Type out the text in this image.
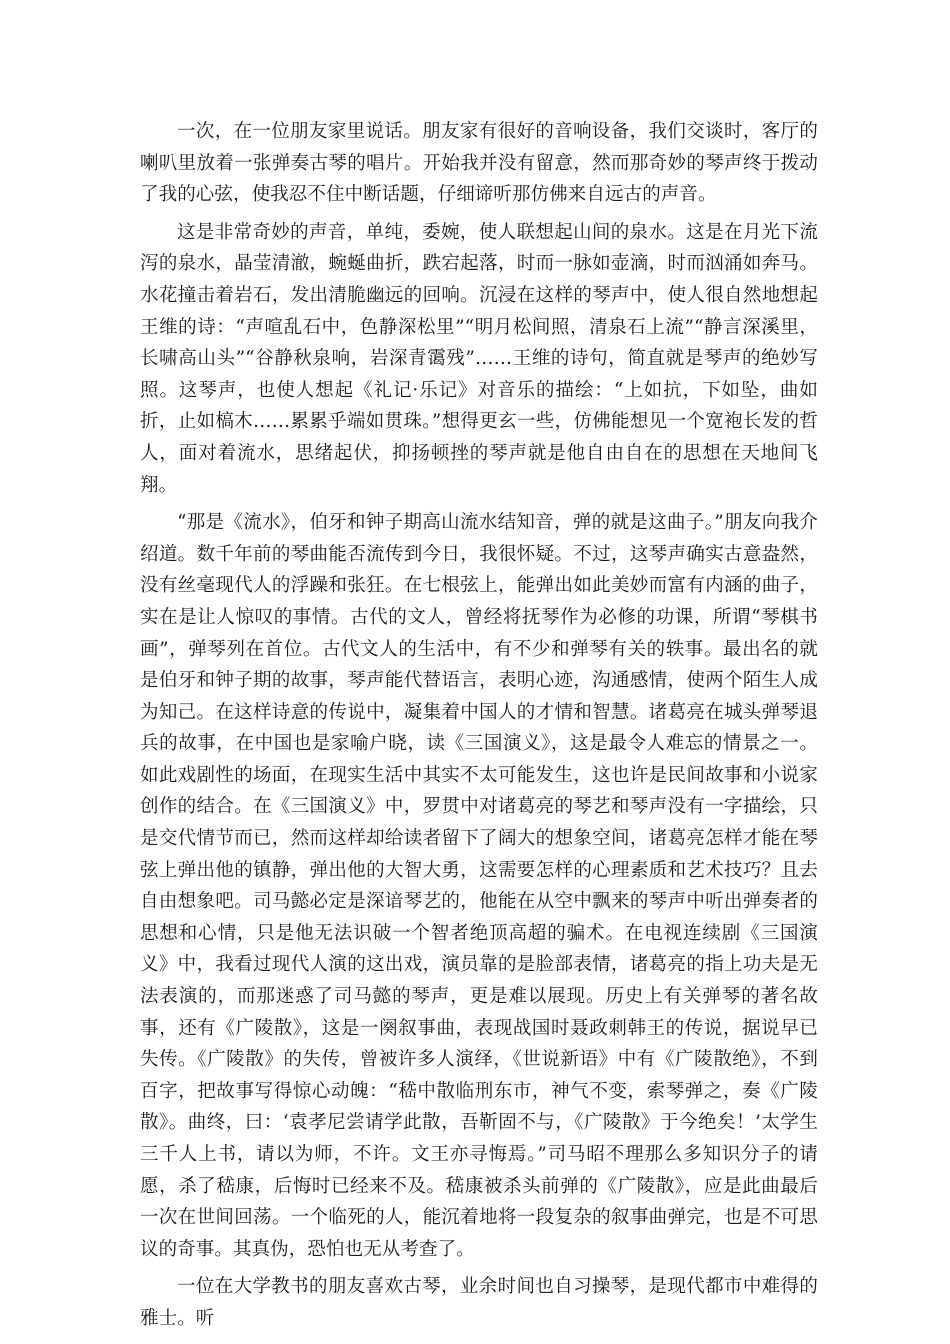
一次，在一位朋友家里说话。朋友家有很好的音响设备，我们交谈时，客厅的喇叭里放着一张弹奏古琴的唱片。开始我并没有留意，然而那奇妙的琴声终于拨动了我的心弦，使我忍不住中断话题，仔细谛听那仿佛来自远古的声音。

这是非常奇妙的声音，单纯，委婉，使人联想起山间的泉水。这是在月光下流泻的泉水，晶莹清澈，蜿蜒曲折，跌宕起落，时而一脉如壶滴，时而汹涌如奔马。水花撞击着岩石，发出清脆幽远的回响。沉浸在这样的琴声中，使人很自然地想起王维的诗：“声喧乱石中，色静深松里”“明月松间照，清泉石上流”“静言深溪里，长啸高山头”“谷静秋泉响，岩深青霭残”……王维的诗句，简直就是琴声的绝妙写照。这琴声，也使人想起《礼记·乐记》对音乐的描绘：“上如抗，下如坠，曲如折，止如槁木……累累乎端如贯珠。”想得更玄一些，仿佛能想见一个宽袍长发的哲人，面对着流水，思绪起伏，抑扬顿挫的琴声就是他自由自在的思想在天地间飞翔。

“那是《流水》，伯牙和钟子期高山流水结知音，弹的就是这曲子。”朋友向我介绍道。数千年前的琴曲能否流传到今日，我很怀疑。不过，这琴声确实古意盎然，没有丝毫现代人的浮躁和张狂。在七根弦上，能弹出如此美妙而富有内涵的曲子，实在是让人惊叹的事情。古代的文人，曾经将抚琴作为必修的功课，所谓“琴棋书画”，弹琴列在首位。古代文人的生活中，有不少和弹琴有关的轶事。最出名的就是伯牙和钟子期的故事，琴声能代替语言，表明心迹，沟通感情，使两个陌生人成为知己。在这样诗意的传说中，凝集着中国人的才情和智慧。诸葛亮在城头弹琴退兵的故事，在中国也是家喻户晓，读《三国演义》，这是最令人难忘的情景之一。如此戏剧性的场面，在现实生活中其实不太可能发生，这也许是民间故事和小说家创作的结合。在《三国演义》中，罗贯中对诸葛亮的琴艺和琴声没有一字描绘，只是交代情节而已，然而这样却给读者留下了阔大的想象空间，诸葛亮怎样才能在琴弦上弹出他的镇静，弹出他的大智大勇，这需要怎样的心理素质和艺术技巧？且去自由想象吧。司马懿必定是深谙琴艺的，他能在从空中飘来的琴声中听出弹奏者的思想和心情，只是他无法识破一个智者绝顶高超的骗术。在电视连续剧《三国演义》中，我看过现代人演的这出戏，演员靠的是脸部表情，诸葛亮的指上功夫是无法表演的，而那迷惑了司马懿的琴声，更是难以展现。历史上有关弹琴的著名故事，还有《广陵散》，这是一阕叙事曲，表现战国时聂政刺韩王的传说，据说早已失传。《广陵散》的失传，曾被许多人演绎，《世说新语》中有《广陵散绝》，不到百字，把故事写得惊心动魄：“嵇中散临刑东市，神气不变，索琴弹之，奏《广陵散》。曲终，曰：‘袁孝尼尝请学此散，吾靳固不与，《广陵散》于今绝矣！’太学生三千人上书，请以为师，不许。文王亦寻悔焉。”司马昭不理那么多知识分子的请愿，杀了嵇康，后悔时已经来不及。嵇康被杀头前弹的《广陵散》，应是此曲最后一次在世间回荡。一个临死的人，能沉着地将一段复杂的叙事曲弹完，也是不可思议的奇事。其真伪，恐怕也无从考查了。

一位在大学教书的朋友喜欢古琴，业余时间也自习操琴，是现代都市中难得的雅士。听
